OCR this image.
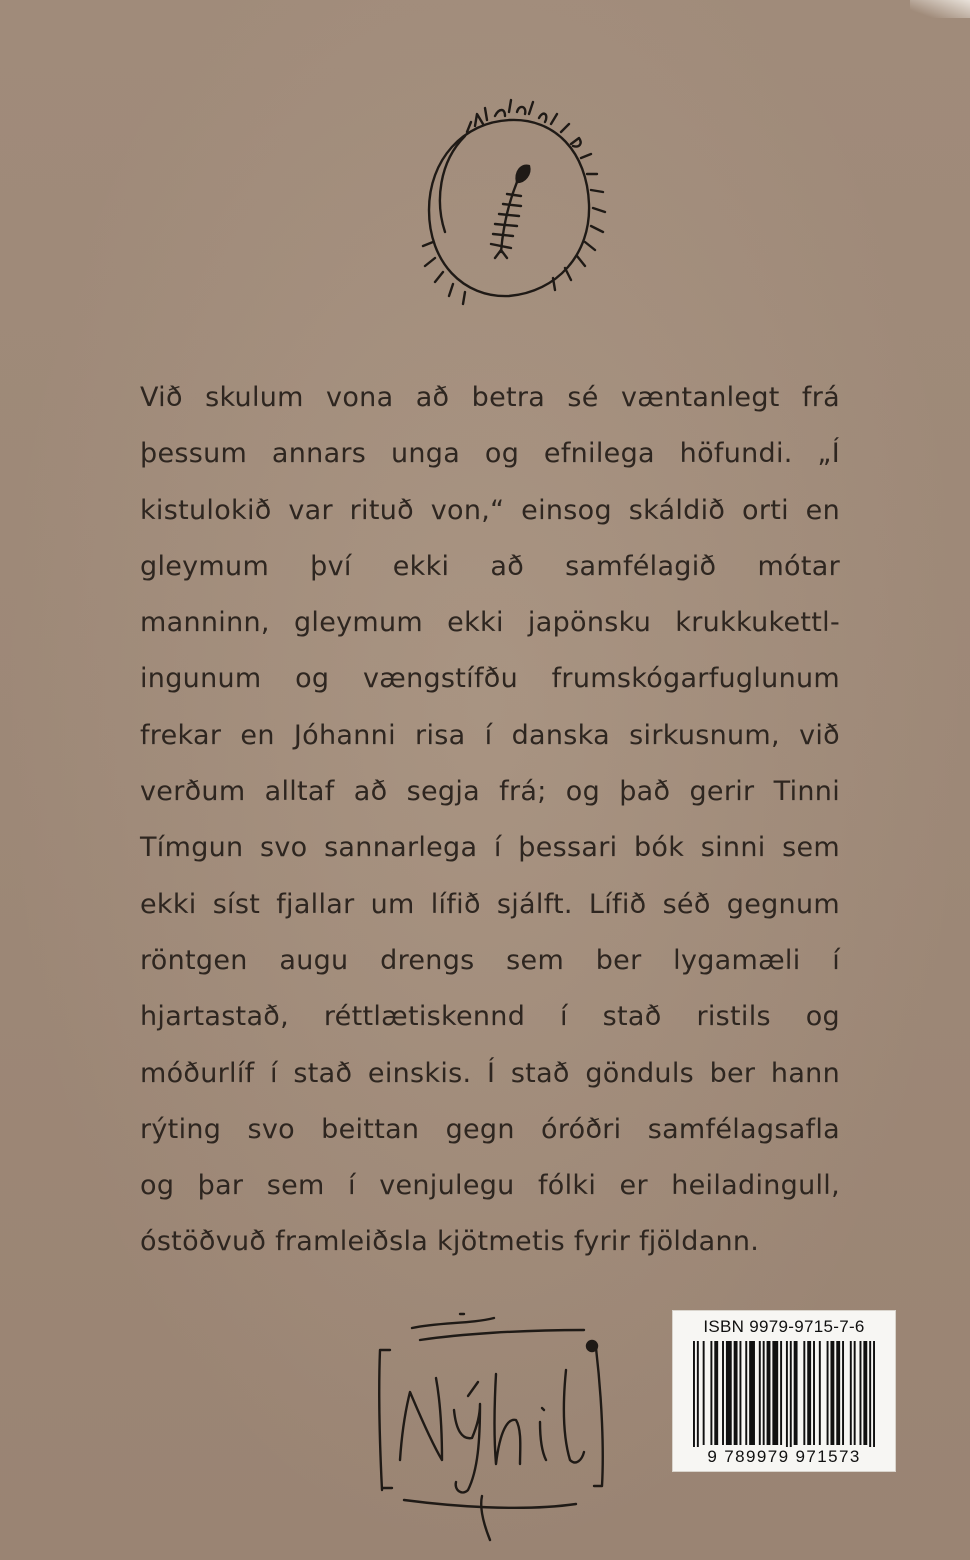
Við skulum vona að betra sé væntanlegt frá
þessum annars unga og efnilega höfundi. „Í
kistulokið var rituð von,“ einsog skáldið orti en
gleymum því ekki að samfélagið mótar
manninn, gleymum ekki japönsku krukkukettl-
ingunum og vængstífðu frumskógarfuglunum
frekar en Jóhanni risa í danska sirkusnum, við
verðum alltaf að segja frá; og það gerir Tinni
Tímgun svo sannarlega í þessari bók sinni sem
ekki síst fjallar um lífið sjálft. Lífið séð gegnum
röntgen augu drengs sem ber lygamæli í
hjartastað, réttlætiskennd í stað ristils og
móðurlíf í stað einskis. Í stað gönduls ber hann
rýting svo beittan gegn óróðri samfélagsafla
og þar sem í venjulegu fólki er heiladingull,
óstöðvuð framleiðsla kjötmetis fyrir fjöldann.
ISBN 9979-9715-7-6
9 789979 971573
